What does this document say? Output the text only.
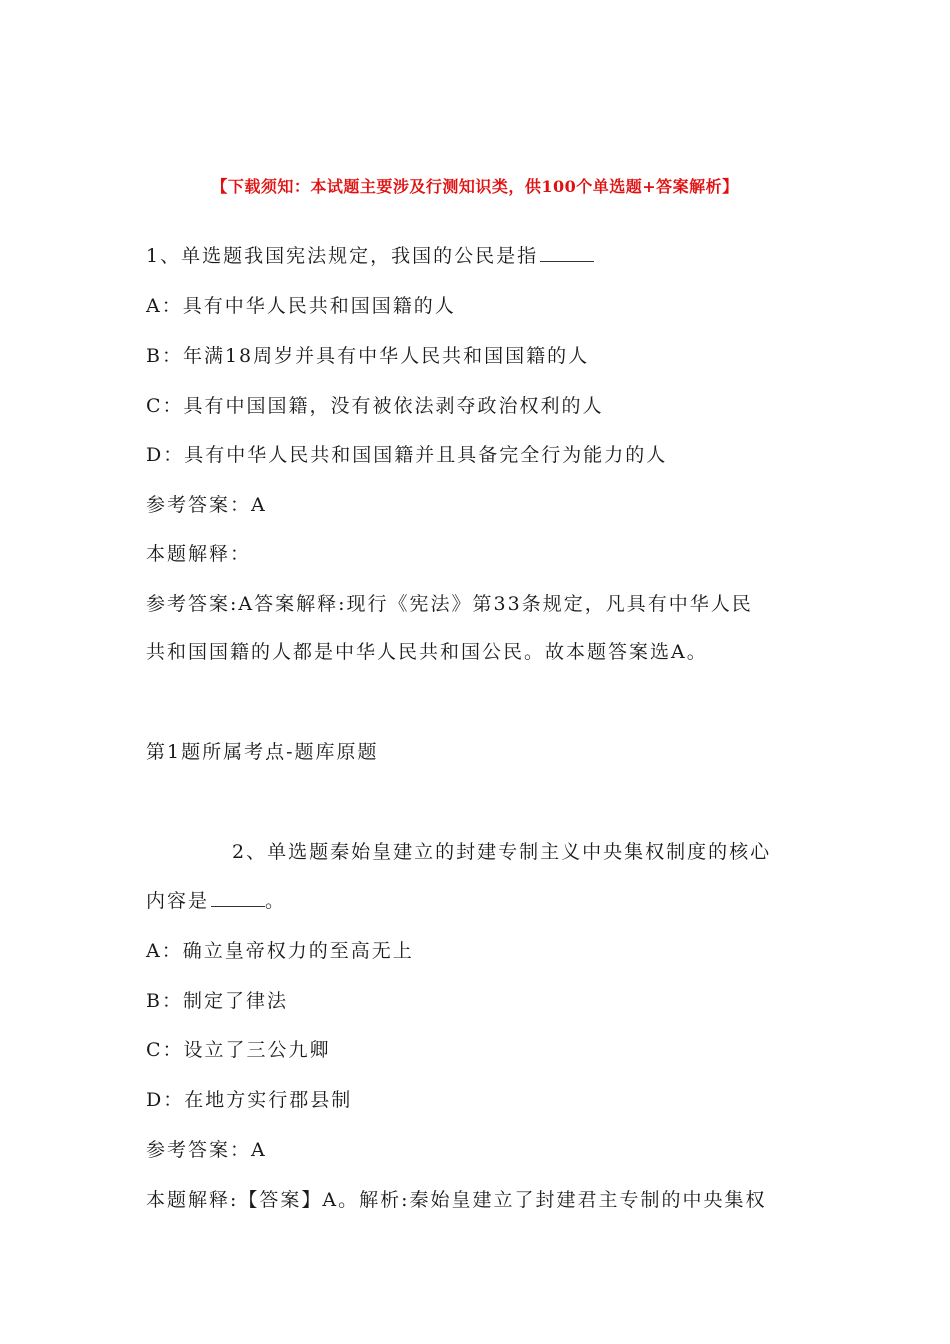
【下载须知：本试题主要涉及行测知识类，供100个单选题+答案解析】
1、单选题我国宪法规定，我国的公民是指
A：具有中华人民共和国国籍的人
B：年满18周岁并具有中华人民共和国国籍的人
C：具有中国国籍，没有被依法剥夺政治权利的人
D：具有中华人民共和国国籍并且具备完全行为能力的人
参考答案：A
本题解释：
参考答案:A答案解释:现行《宪法》第33条规定，凡具有中华人民
共和国国籍的人都是中华人民共和国公民。故本题答案选A。
第1题所属考点-题库原题
2、单选题秦始皇建立的封建专制主义中央集权制度的核心
内容是	。
A：确立皇帝权力的至高无上
B：制定了律法
C：设立了三公九卿
D：在地方实行郡县制
参考答案：A
本题解释:【答案】A。解析:秦始皇建立了封建君主专制的中央集权
